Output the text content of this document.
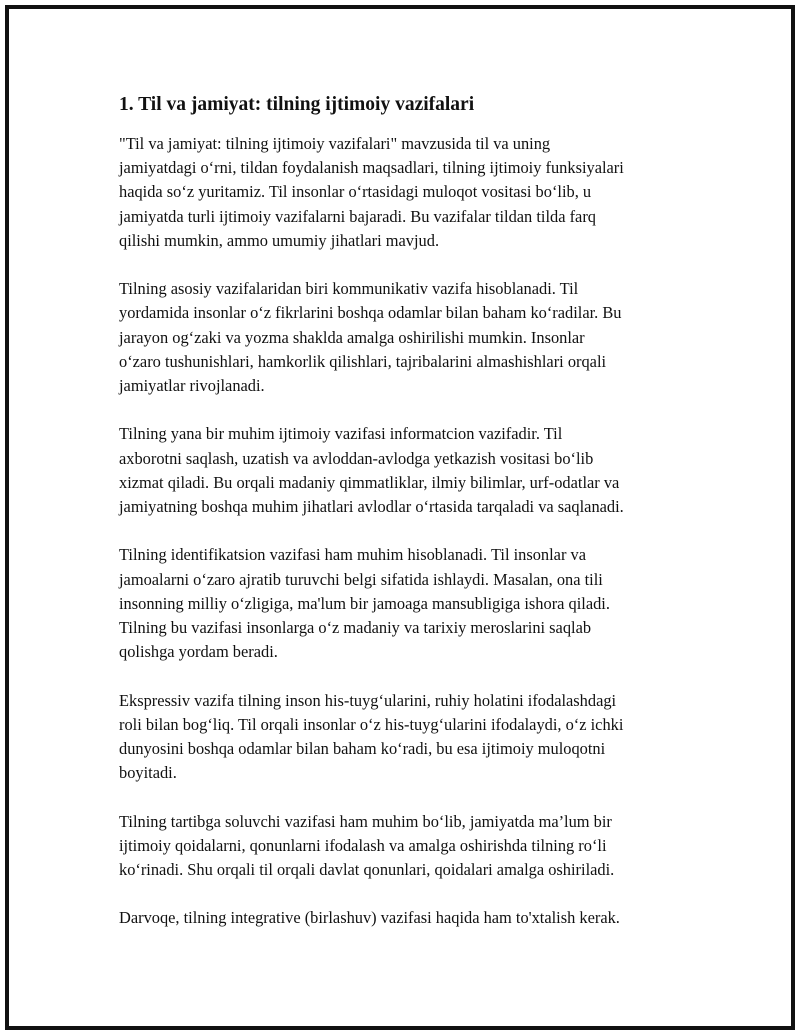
1. Til va jamiyat: tilning ijtimoiy vazifalari

"Til va jamiyat: tilning ijtimoiy vazifalari" mavzusida til va uning
jamiyatdagi o‘rni, tildan foydalanish maqsadlari, tilning ijtimoiy funksiyalari
haqida so‘z yuritamiz. Til insonlar o‘rtasidagi muloqot vositasi bo‘lib, u
jamiyatda turli ijtimoiy vazifalarni bajaradi. Bu vazifalar tildan tilda farq
qilishi mumkin, ammo umumiy jihatlari mavjud.

Tilning asosiy vazifalaridan biri kommunikativ vazifa hisoblanadi. Til
yordamida insonlar o‘z fikrlarini boshqa odamlar bilan baham ko‘radilar. Bu
jarayon og‘zaki va yozma shaklda amalga oshirilishi mumkin. Insonlar
o‘zaro tushunishlari, hamkorlik qilishlari, tajribalarini almashishlari orqali
jamiyatlar rivojlanadi.

Tilning yana bir muhim ijtimoiy vazifasi informatcion vazifadir. Til
axborotni saqlash, uzatish va avloddan-avlodga yetkazish vositasi bo‘lib
xizmat qiladi. Bu orqali madaniy qimmatliklar, ilmiy bilimlar, urf-odatlar va
jamiyatning boshqa muhim jihatlari avlodlar o‘rtasida tarqaladi va saqlanadi.

Tilning identifikatsion vazifasi ham muhim hisoblanadi. Til insonlar va
jamoalarni o‘zaro ajratib turuvchi belgi sifatida ishlaydi. Masalan, ona tili
insonning milliy o‘zligiga, ma'lum bir jamoaga mansubligiga ishora qiladi.
Tilning bu vazifasi insonlarga o‘z madaniy va tarixiy meroslarini saqlab
qolishga yordam beradi.

Ekspressiv vazifa tilning inson his-tuyg‘ularini, ruhiy holatini ifodalashdagi
roli bilan bog‘liq. Til orqali insonlar o‘z his-tuyg‘ularini ifodalaydi, o‘z ichki
dunyosini boshqa odamlar bilan baham ko‘radi, bu esa ijtimoiy muloqotni
boyitadi.

Tilning tartibga soluvchi vazifasi ham muhim bo‘lib, jamiyatda ma’lum bir
ijtimoiy qoidalarni, qonunlarni ifodalash va amalga oshirishda tilning ro‘li
ko‘rinadi. Shu orqali til orqali davlat qonunlari, qoidalari amalga oshiriladi.

Darvoqe, tilning integrative (birlashuv) vazifasi haqida ham to'xtalish kerak.
